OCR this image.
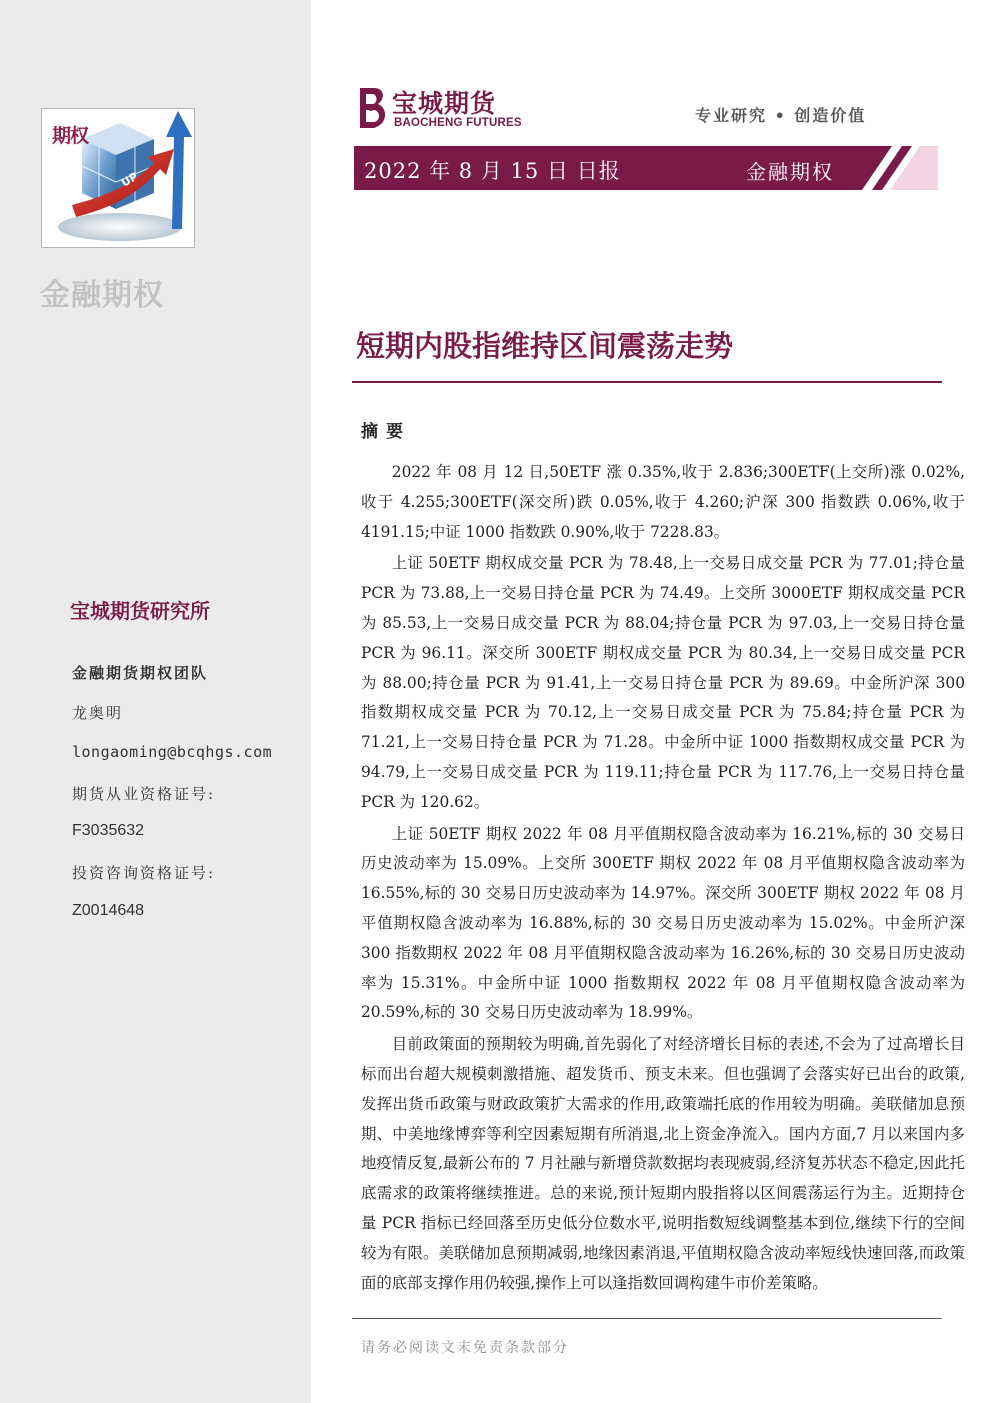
UP
期权
金融期权
宝城期货研究所
金融期货期权团队
龙奥明
longaoming@bcqhgs.com
期货从业资格证号:
F3035632
投资咨询资格证号:
Z0014648
宝城期货
BAOCHENG FUTURES	专业研究 • 创造价值
2022 年 8 月 15 日 日报	金融期权
短期内股指维持区间震荡走势
摘要

2022 年 08 月 12 日,50ETF 涨 0.35%,收于 2.836;300ETF(上交所)涨 0.02%,收于 4.255;300ETF(深交所)跌 0.05%,收于 4.260;沪深 300 指数跌 0.06%,收于 4191.15;中证 1000 指数跌 0.90%,收于 7228.83。

上证 50ETF 期权成交量 PCR 为 78.48,上一交易日成交量 PCR 为 77.01;持仓量 PCR 为 73.88,上一交易日持仓量 PCR 为 74.49。上交所 3000ETF 期权成交量 PCR 为 85.53,上一交易日成交量 PCR 为 88.04;持仓量 PCR 为 97.03,上一交易日持仓量 PCR 为 96.11。深交所 300ETF 期权成交量 PCR 为 80.34,上一交易日成交量 PCR 为 88.00;持仓量 PCR 为 91.41,上一交易日持仓量 PCR 为 89.69。中金所沪深 300 指数期权成交量 PCR 为 70.12,上一交易日成交量 PCR 为 75.84;持仓量 PCR 为 71.21,上一交易日持仓量 PCR 为 71.28。中金所中证 1000 指数期权成交量 PCR 为 94.79,上一交易日成交量 PCR 为 119.11;持仓量 PCR 为 117.76,上一交易日持仓量 PCR 为 120.62。

上证 50ETF 期权 2022 年 08 月平值期权隐含波动率为 16.21%,标的 30 交易日历史波动率为 15.09%。上交所 300ETF 期权 2022 年 08 月平值期权隐含波动率为 16.55%,标的 30 交易日历史波动率为 14.97%。深交所 300ETF 期权 2022 年 08 月平值期权隐含波动率为 16.88%,标的 30 交易日历史波动率为 15.02%。中金所沪深 300 指数期权 2022 年 08 月平值期权隐含波动率为 16.26%,标的 30 交易日历史波动率为 15.31%。中金所中证 1000 指数期权 2022 年 08 月平值期权隐含波动率为 20.59%,标的 30 交易日历史波动率为 18.99%。

目前政策面的预期较为明确,首先弱化了对经济增长目标的表述,不会为了过高增长目标而出台超大规模刺激措施、超发货币、预支未来。但也强调了会落实好已出台的政策,发挥出货币政策与财政政策扩大需求的作用,政策端托底的作用较为明确。美联储加息预期、中美地缘博弈等利空因素短期有所消退,北上资金净流入。国内方面,7 月以来国内多地疫情反复,最新公布的 7 月社融与新增贷款数据均表现疲弱,经济复苏状态不稳定,因此托底需求的政策将继续推进。总的来说,预计短期内股指将以区间震荡运行为主。近期持仓量 PCR 指标已经回落至历史低分位数水平,说明指数短线调整基本到位,继续下行的空间较为有限。美联储加息预期减弱,地缘因素消退,平值期权隐含波动率短线快速回落,而政策面的底部支撑作用仍较强,操作上可以逢指数回调构建牛市价差策略。

请务必阅读文末免责条款部分
